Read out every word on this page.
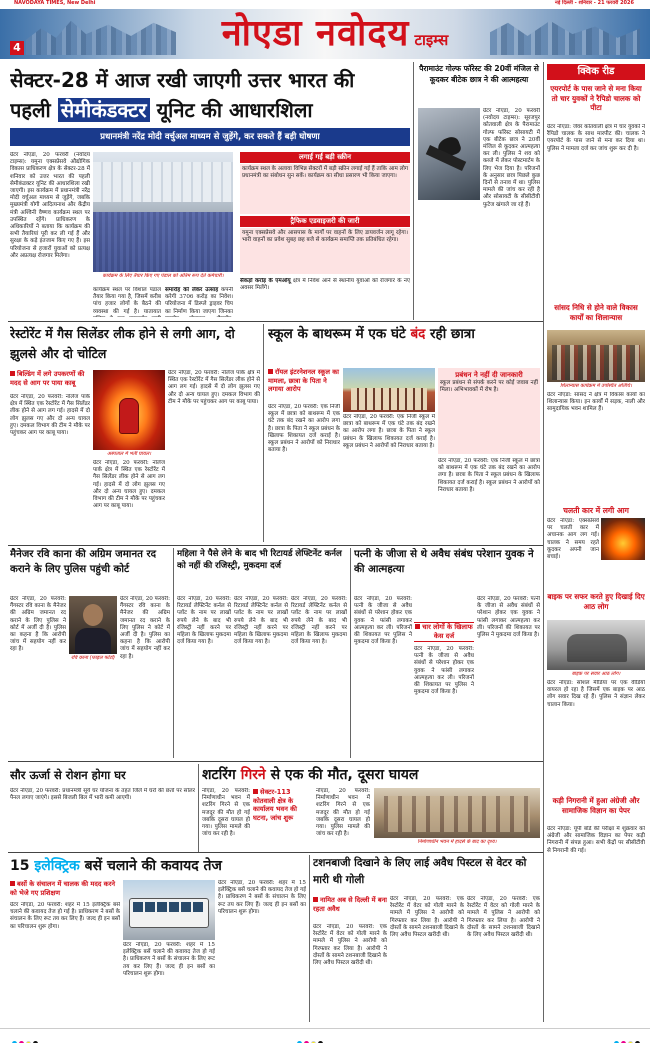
NAVODAYA TIMES, New Delhi	नई दिल्ली - शनिवार - 21 फरवरी 2026
4	नोएडा नवोदय टाइम्स
सेक्टर-28 में आज रखी जाएगी उत्तर भारत की
पहली सेमीकंडक्टर यूनिट की आधारशिला
प्रधानमंत्री नरेंद्र मोदी वर्चुअल माध्यम से जुड़ेंगे, कर सकते हैं बड़ी घोषणा
ग्रेटर नोएडा, 20 फरवरी (नवोदय टाइम्स): यमुना एक्सप्रेसवे औद्योगिक विकास प्राधिकरण क्षेत्र के सेक्टर-28 में शनिवार को उत्तर भारत की पहली सेमीकंडक्टर यूनिट की आधारशिला रखी जाएगी। इस कार्यक्रम में प्रधानमंत्री नरेंद्र मोदी वर्चुअल माध्यम से जुड़ेंगे, जबकि मुख्यमंत्री योगी आदित्यनाथ और केंद्रीय मंत्री अश्विनी वैष्णव कार्यक्रम स्थल पर उपस्थित रहेंगे। प्राधिकरण के अधिकारियों ने बताया कि कार्यक्रम की सभी तैयारियां पूरी कर ली गई हैं और सुरक्षा के कड़े इंतजाम किए गए हैं। इस परियोजना से हजारों युवाओं को प्रत्यक्ष और अप्रत्यक्ष रोजगार मिलेगा।
कार्यक्रम के लिए तैयार किए गए पंडाल को अंतिम रूप देते कर्मचारी।
कार्यक्रम स्थल पर विशाल पंडाल तैयार किया गया है, जिसमें करीब पांच हजार लोगों के बैठने की व्यवस्था की गई है। यातायात
समारोह को लेकर उत्साह कंपनी करेगी 3706 करोड़ का निवेश। परियोजना में डिस्प्ले ड्राइवर चिप का निर्माण किया जाएगा जिनका
लगाई गई बड़ी स्क्रीन
कार्यक्रम स्थल के अलावा विभिन्न सेक्टरों में बड़ी स्क्रीन लगाई गई हैं ताकि आम लोग प्रधानमंत्री का संबोधन सुन सकें। कार्यक्रम का सीधा प्रसारण भी किया जाएगा।
ट्रैफिक एडवाइजरी की जारी
यमुना एक्सप्रेसवे और आसपास के मार्गों पर वाहनों के लिए डायवर्जन लागू रहेगा। भारी वाहनों का प्रवेश सुबह छह बजे से कार्यक्रम समाप्ति तक प्रतिबंधित रहेगा।
सैकड़ों करोड़ के एमओयू क्षेत्र में निवेश आने से स्थानीय युवाओं को रोजगार के नए अवसर मिलेंगे।
पैरामाउंट गोल्फ फॉरेस्ट की 20वीं मंजिल से कूदकर बीटेक छात्र ने की आत्महत्या
ग्रेटर नोएडा, 20 फरवरी (नवोदय टाइम्स): सूरजपुर कोतवाली क्षेत्र के पैरामाउंट गोल्फ फॉरेस्ट सोसायटी में एक बीटेक छात्र ने 20वीं मंजिल से कूदकर आत्महत्या कर ली। पुलिस ने शव को कब्जे में लेकर पोस्टमार्टम के लिए भेज दिया है। परिजनों के अनुसार छात्र पिछले कुछ दिनों से तनाव में था। पुलिस मामले की जांच कर रही है और सोसायटी के सीसीटीवी फुटेज खंगाले जा रहे हैं।
क्विक रीड
एयरपोर्ट के पास जाने से मना किया तो चार युवकों ने रैपिडो चालक को पीटा
ग्रेटर नोएडा: जेवर कोतवाली क्षेत्र में चार युवकों ने रैपिडो चालक के साथ मारपीट की। चालक ने एयरपोर्ट के पास जाने से मना कर दिया था। पुलिस ने मामला दर्ज कर जांच शुरू कर दी है।
सांसद निधि से होने वाले विकास कार्यों का शिलान्यास
शिलान्यास कार्यक्रम में उपस्थित अतिथि।
ग्रेटर नोएडा: सांसद ने क्षेत्र में विकास कार्यों का शिलान्यास किया। इन कार्यों में सड़क, नाली और सामुदायिक भवन शामिल हैं।
चलती कार में लगी आग
ग्रेटर नोएडा: एक्सप्रेसवे पर चलती कार में अचानक आग लग गई। चालक ने समय रहते कूदकर अपनी जान बचाई।
बाइक पर सफर करते हुए दिखाई दिए आठ लोग
बाइक पर सवार आठ लोग।
ग्रेटर नोएडा: सोशल मीडिया पर एक वीडियो वायरल हो रहा है जिसमें एक बाइक पर आठ लोग सवार दिख रहे हैं। पुलिस ने संज्ञान लेकर चालान किया।
कड़ी निगरानी में हुआ अंग्रेजी और सामाजिक विज्ञान का पेपर
ग्रेटर नोएडा: यूपी बोर्ड की परीक्षा में शुक्रवार को अंग्रेजी और सामाजिक विज्ञान का पेपर कड़ी निगरानी में संपन्न हुआ। सभी केंद्रों पर सीसीटीवी से निगरानी की गई।
रेस्टोरेंट में गैस सिलेंडर लीक होने से लगी आग, दो झुलसे और दो चोटिल
बिल्डिंग में लगे उपकरणों की मदद से आग पर पाया काबू
ग्रेटर नोएडा, 20 फरवरी: नॉलेज पार्क क्षेत्र में स्थित एक रेस्टोरेंट में गैस सिलेंडर लीक होने से आग लग गई। हादसे में दो लोग झुलस गए और दो अन्य घायल हुए। दमकल विभाग की टीम ने मौके पर पहुंचकर आग पर काबू पाया।
अस्पताल में भर्ती घायल।
ग्रेटर नोएडा, 20 फरवरी: नॉलेज पार्क क्षेत्र में स्थित एक रेस्टोरेंट में गैस सिलेंडर लीक होने से आग लग गई। हादसे में दो लोग झुलस गए और दो अन्य घायल हुए। दमकल विभाग की टीम ने मौके पर पहुंचकर आग पर काबू पाया।
ग्रेटर नोएडा, 20 फरवरी: नॉलेज पार्क क्षेत्र में स्थित एक रेस्टोरेंट में गैस सिलेंडर लीक होने से आग लग गई। हादसे में दो लोग झुलस गए और दो अन्य घायल हुए। दमकल विभाग की टीम ने मौके पर पहुंचकर आग पर काबू पाया।
स्कूल के बाथरूम में एक घंटे बंद रही छात्रा
रॉयल इंटरनेशनल स्कूल का मामला, छात्रा के पिता ने लगाया आरोप
ग्रेटर नोएडा, 20 फरवरी: एक निजी स्कूल में छात्रा को बाथरूम में एक घंटे तक बंद रखने का आरोप लगा है। छात्रा के पिता ने स्कूल प्रबंधन के खिलाफ शिकायत दर्ज कराई है। स्कूल प्रबंधन ने आरोपों को निराधार बताया है।
ग्रेटर नोएडा, 20 फरवरी: एक निजी स्कूल में छात्रा को बाथरूम में एक घंटे तक बंद रखने का आरोप लगा है। छात्रा के पिता ने स्कूल प्रबंधन के खिलाफ शिकायत दर्ज कराई है। स्कूल प्रबंधन ने आरोपों को निराधार बताया है।
प्रबंधन ने नहीं दी जानकारी
स्कूल प्रबंधन से संपर्क करने पर कोई जवाब नहीं मिला। अभिभावकों में रोष है।
ग्रेटर नोएडा, 20 फरवरी: एक निजी स्कूल में छात्रा को बाथरूम में एक घंटे तक बंद रखने का आरोप लगा है। छात्रा के पिता ने स्कूल प्रबंधन के खिलाफ शिकायत दर्ज कराई है। स्कूल प्रबंधन ने आरोपों को निराधार बताया है।
मैनेजर रवि काना की अग्रिम जमानत रद कराने के लिए पुलिस पहुंची कोर्ट
ग्रेटर नोएडा, 20 फरवरी: गैंगस्टर रवि काना के मैनेजर की अग्रिम जमानत रद कराने के लिए पुलिस ने कोर्ट में अर्जी दी है। पुलिस का कहना है कि आरोपी जांच में सहयोग नहीं कर रहा है।
रवि काना (फाइल फोटो)
ग्रेटर नोएडा, 20 फरवरी: गैंगस्टर रवि काना के मैनेजर की अग्रिम जमानत रद कराने के लिए पुलिस ने कोर्ट में अर्जी दी है। पुलिस का कहना है कि आरोपी जांच में सहयोग नहीं कर रहा है।
महिला ने पैसे लेने के बाद भी रिटायर्ड लेफ्टिनेंट कर्नल को नहीं की रजिस्ट्री, मुकदमा दर्ज
ग्रेटर नोएडा, 20 फरवरी: रिटायर्ड लेफ्टिनेंट कर्नल से प्लॉट के नाम पर लाखों रुपये लेने के बाद भी रजिस्ट्री नहीं करने पर महिला के खिलाफ मुकदमा दर्ज किया गया है।
ग्रेटर नोएडा, 20 फरवरी: रिटायर्ड लेफ्टिनेंट कर्नल से प्लॉट के नाम पर लाखों रुपये लेने के बाद भी रजिस्ट्री नहीं करने पर महिला के खिलाफ मुकदमा दर्ज किया गया है।
ग्रेटर नोएडा, 20 फरवरी: रिटायर्ड लेफ्टिनेंट कर्नल से प्लॉट के नाम पर लाखों रुपये लेने के बाद भी रजिस्ट्री नहीं करने पर महिला के खिलाफ मुकदमा दर्ज किया गया है।
पत्नी के जीजा से थे अवैध संबंध परेशान युवक ने की आत्महत्या
ग्रेटर नोएडा, 20 फरवरी: पत्नी के जीजा से अवैध संबंधों से परेशान होकर एक युवक ने फांसी लगाकर आत्महत्या कर ली। परिजनों की शिकायत पर पुलिस ने मुकदमा दर्ज किया है।
चार लोगों के खिलाफ केस दर्ज
ग्रेटर नोएडा, 20 फरवरी: पत्नी के जीजा से अवैध संबंधों से परेशान होकर एक युवक ने फांसी लगाकर आत्महत्या कर ली। परिजनों की शिकायत पर पुलिस ने मुकदमा दर्ज किया है।
ग्रेटर नोएडा, 20 फरवरी: पत्नी के जीजा से अवैध संबंधों से परेशान होकर एक युवक ने फांसी लगाकर आत्महत्या कर ली। परिजनों की शिकायत पर पुलिस ने मुकदमा दर्ज किया है।
सौर ऊर्जा से रोशन होगा घर
ग्रेटर नोएडा, 20 फरवरी: प्रधानमंत्री सूर्य घर योजना के तहत जिले में घरों की छतों पर सोलर पैनल लगाए जाएंगे। इससे बिजली बिल में भारी कमी आएगी।
शटरिंग गिरने से एक की मौत, दूसरा घायल
नोएडा, 20 फरवरी: निर्माणाधीन भवन में शटरिंग गिरने से एक मजदूर की मौत हो गई जबकि दूसरा घायल हो गया। पुलिस मामले की जांच कर रही है।
सेक्टर-113 कोतवाली क्षेत्र के कार्यालय भवन की घटना, जांच शुरू
नोएडा, 20 फरवरी: निर्माणाधीन भवन में शटरिंग गिरने से एक मजदूर की मौत हो गई जबकि दूसरा घायल हो गया। पुलिस मामले की जांच कर रही है।
निर्माणाधीन भवन में हादसे के बाद का दृश्य।
15 इलेक्ट्रिक बसें चलाने की कवायद तेज
बसों के संचालन में चालक की मदद करने को भेजे गए प्रशिक्षण
ग्रेटर नोएडा, 20 फरवरी: शहर में 15 इलेक्ट्रिक बसें चलाने की कवायद तेज हो गई है। प्राधिकरण ने बसों के संचालन के लिए रूट तय कर लिए हैं। जल्द ही इन बसों का परिचालन शुरू होगा।
ग्रेटर नोएडा, 20 फरवरी: शहर में 15 इलेक्ट्रिक बसें चलाने की कवायद तेज हो गई है। प्राधिकरण ने बसों के संचालन के लिए रूट तय कर लिए हैं। जल्द ही इन बसों का परिचालन शुरू होगा।
ग्रेटर नोएडा, 20 फरवरी: शहर में 15 इलेक्ट्रिक बसें चलाने की कवायद तेज हो गई है। प्राधिकरण ने बसों के संचालन के लिए रूट तय कर लिए हैं। जल्द ही इन बसों का परिचालन शुरू होगा।
टशनबाजी दिखाने के लिए लाई अवैध पिस्टल से वेटर को मारी थी गोली
नामित अब से दिल्ली में बना रहता अवैध
ग्रेटर नोएडा, 20 फरवरी: एक रेस्टोरेंट में वेटर को गोली मारने के मामले में पुलिस ने आरोपी को गिरफ्तार कर लिया है। आरोपी ने दोस्तों के सामने टशनबाजी दिखाने के लिए अवैध पिस्टल खरीदी थी।
ग्रेटर नोएडा, 20 फरवरी: एक रेस्टोरेंट में वेटर को गोली मारने के मामले में पुलिस ने आरोपी को गिरफ्तार कर लिया है। आरोपी ने दोस्तों के सामने टशनबाजी दिखाने के लिए अवैध पिस्टल खरीदी थी।
ग्रेटर नोएडा, 20 फरवरी: एक रेस्टोरेंट में वेटर को गोली मारने के मामले में पुलिस ने आरोपी को गिरफ्तार कर लिया है। आरोपी ने दोस्तों के सामने टशनबाजी दिखाने के लिए अवैध पिस्टल खरीदी थी।
